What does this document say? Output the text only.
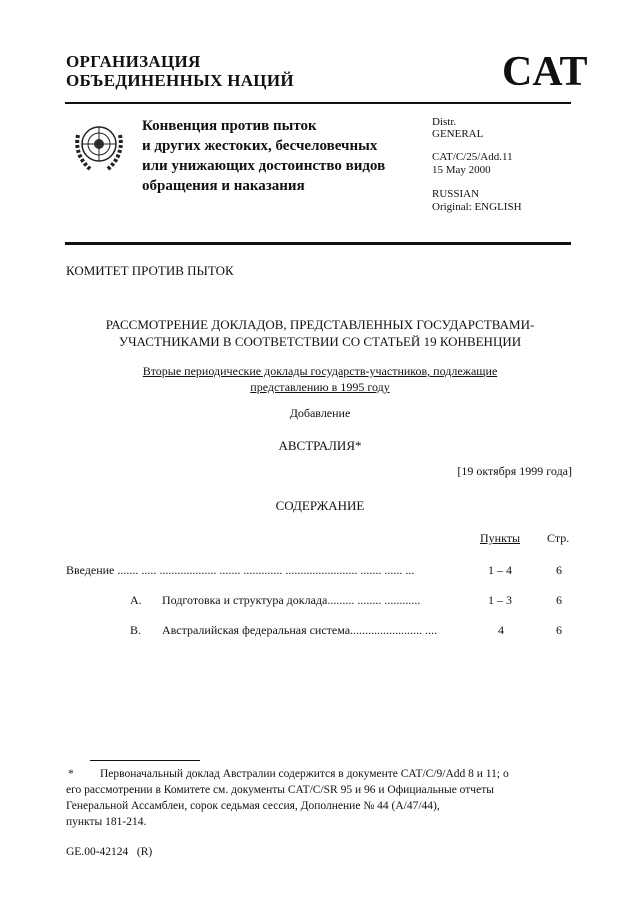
ОРГАНИЗАЦИЯ
ОБЪЕДИНЕННЫХ НАЦИЙ	CAT
Конвенция против пыток
и других жестоких, бесчеловечных
или унижающих достоинство видов
обращения и наказания
Distr.
GENERAL
CAT/C/25/Add.11
15 May 2000
RUSSIAN
Original: ENGLISH
КОМИТЕТ ПРОТИВ ПЫТОК
РАССМОТРЕНИЕ ДОКЛАДОВ, ПРЕДСТАВЛЕННЫХ ГОСУДАРСТВАМИ-
УЧАСТНИКАМИ В СООТВЕТСТВИИ СО СТАТЬЕЙ 19 КОНВЕНЦИИ
Вторые периодические доклады государств-участников, подлежащие
представлению в 1995 году
Добавление
АВСТРАЛИЯ*
[19 октября 1999 года]
СОДЕРЖАНИЕ
Пункты Стр.
Введение ....... ..... ................... ....... ............. ........................ ....... ...... ...	1 – 4	6
A. Подготовка и структура доклада......... ........ ............	1 – 3	6
B. Австралийская федеральная система........................ ....	4	6
* Первоначальный доклад Австралии содержится в документе CAT/C/9/Add 8 и 11; о
его рассмотрении в Комитете см. документы CAT/C/SR 95 и 96 и Официальные отчеты
Генеральной Ассамблеи, сорок седьмая сессия, Дополнение № 44 (A/47/44),
пункты 181-214.
GE.00-42124   (R)
